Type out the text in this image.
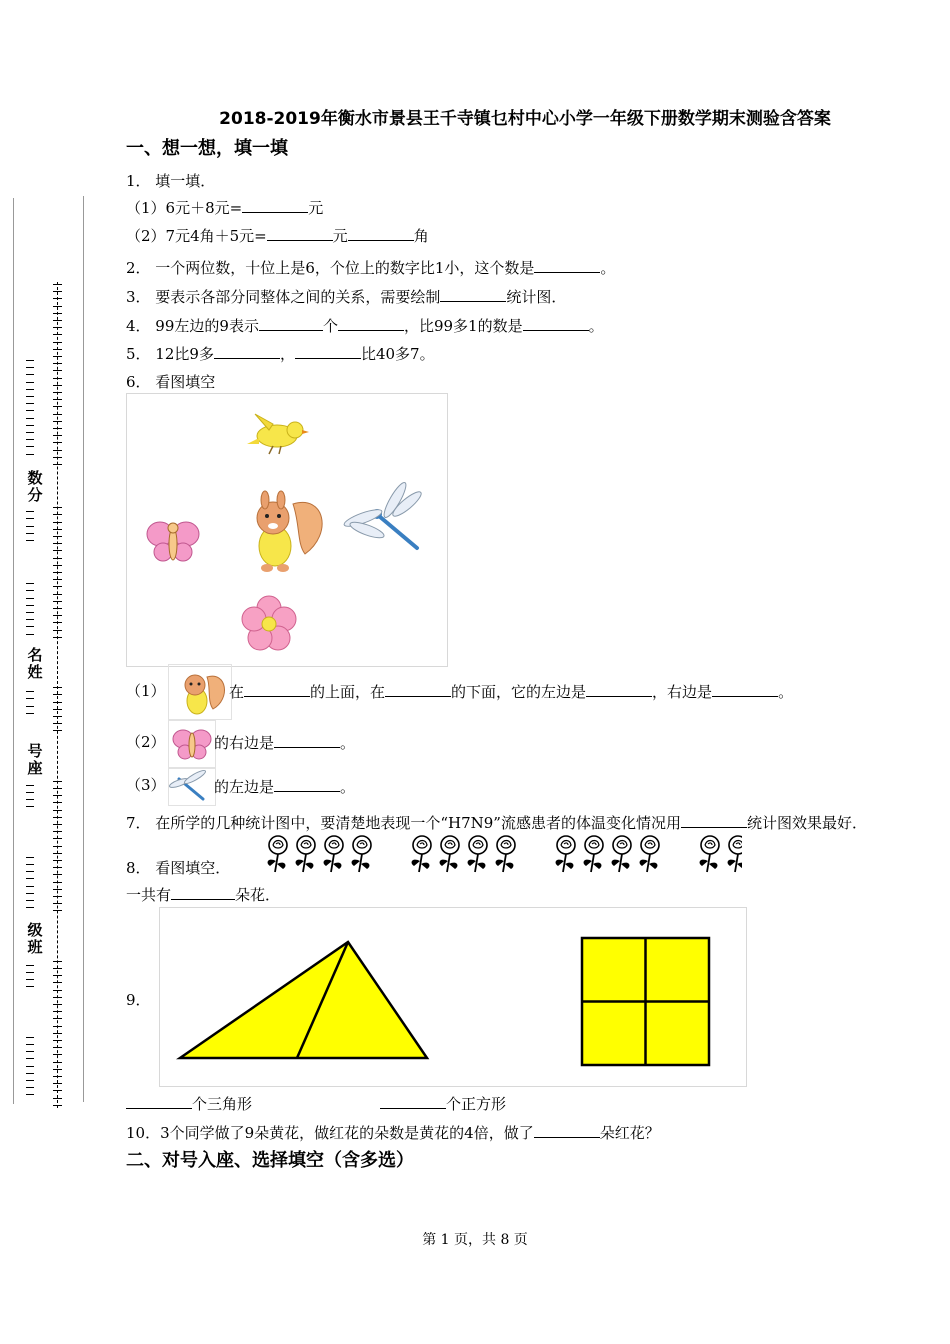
数分
名姓
号座
级班
2018-2019年衡水市景县王千寺镇乜村中心小学一年级下册数学期末测验含答案
一、想一想，填一填
1． 填一填．
（1）6元＋8元=	元
（2）7元4角＋5元=	元	角
2． 一个两位数，十位上是6，个位上的数字比1小，这个数是	。
3． 要表示各部分同整体之间的关系，需要绘制	统计图．
4． 99左边的9表示	个	，比99多1的数是	。
5． 12比9多	，	比40多7。
6． 看图填空
（1）	在	的上面，在	的下面，它的左边是	，右边是	。
（2）	的右边是	。
（3）	的左边是	。
7． 在所学的几种统计图中，要清楚地表现一个“H7N9”流感患者的体温变化情况用	统计图效果最好．
8． 看图填空．
一共有	朵花．
9．
个三角形	个正方形
10．3个同学做了9朵黄花，做红花的朵数是黄花的4倍，做了	朵红花？
二、对号入座、选择填空（含多选）
第 1 页，共 8 页
